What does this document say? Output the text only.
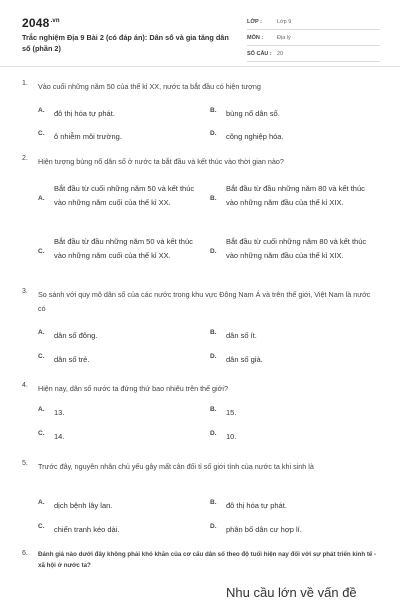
$2048^{.vn}$
Trắc nghiệm Địa 9 Bài 2 (có đáp án): Dân số và gia tăng dân số (phần 2)
LỚP :	Lớp 9
MÔN :	Địa lý
SỐ CÂU : 20
1. Vào cuối những năm 50 của thế kỉ XX, nước ta bắt đầu có hiện tượng
A. đô thị hóa tự phát.	B. bùng nổ dân số.
C. ô nhiễm môi trường.	D. công nghiệp hóa.
2. Hiện tượng bùng nổ dân số ở nước ta bắt đầu và kết thúc vào thời gian nào?
A.
Bắt đầu từ cuối những năm 50 và kết thúc vào những năm cuối của thế kỉ XX.	B.
Bắt đầu từ đầu những năm 80 và kết thúc vào những năm đầu của thế kỉ XIX.
C.
Bắt đầu từ đầu những năm 50 và kết thúc vào những năm cuối của thế kỉ XX.	D.
Bắt đầu từ cuối những năm 80 và kết thúc vào những năm đầu của thế kỉ XIX.
3. So sánh với quy mô dân số của các nước trong khu vực Đông Nam Á và trên thế giới, Việt Nam là nước có
A. dân số đông.	B. dân số ít.
C. dân số trẻ.	D. dân số già.
4. Hiện nay, dân số nước ta đứng thứ bao nhiêu trên thế giới?
A. 13.	B. 15.
C. 14.	D. 10.
5. Trước đây, nguyên nhân chủ yếu gây mất cân đối tỉ số giới tính của nước ta khi sinh là
A. dịch bệnh lây lan.	B. đô thị hóa tự phát.
C. chiến tranh kéo dài.	D. phân bố dân cư hợp lí.
6. Đánh giá nào dưới đây không phải khó khăn của cơ cấu dân số theo độ tuổi hiện nay đối với sự phát triển kinh tế - xã hội ở nước ta?
Nhu cầu lớn về vấn đề
